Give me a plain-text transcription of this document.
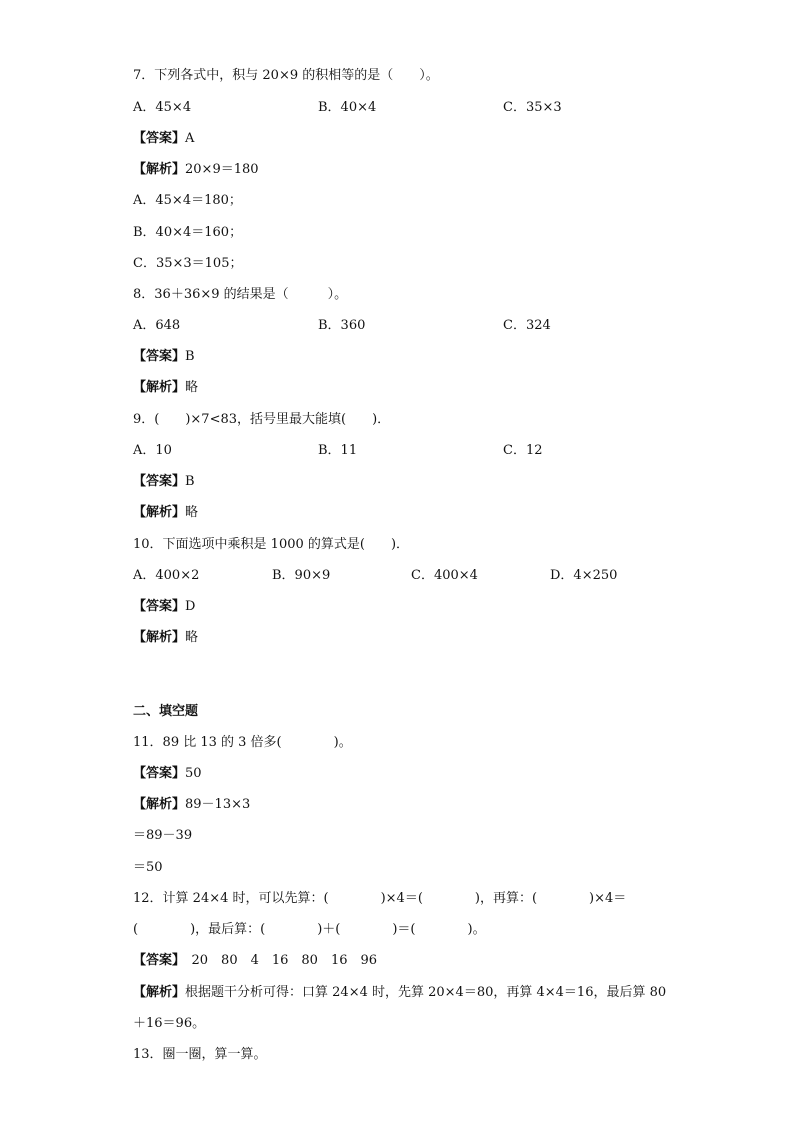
7．下列各式中，积与 20×9 的积相等的是（　　）。
A．45×4	B．40×4	C．35×3
【答案】A
【解析】20×9＝180
A．45×4＝180；
B．40×4＝160；
C．35×3＝105；
8．36＋36×9 的结果是（　　　）。
A．648	B．360	C．324
【答案】B
【解析】略
9．(　　)×7<83，括号里最大能填(　　)．
A．10	B．11	C．12
【答案】B
【解析】略
10．下面选项中乘积是 1000 的算式是(　　)．
A．400×2	B．90×9	C．400×4	D．4×250
【答案】D
【解析】略
二、填空题
11．89 比 13 的 3 倍多(　　　　)。
【答案】50
【解析】89－13×3
＝89－39
＝50
12．计算 24×4 时，可以先算：(　　　　)×4＝(　　　　)，再算：(　　　　)×4＝
(　　　　)，最后算：(　　　　)＋(　　　　)＝(　　　　)。
【答案】　20　80　4　16　80　16　96
【解析】根据题干分析可得：口算 24×4 时，先算 20×4＝80，再算 4×4＝16，最后算 80
＋16＝96。
13．圈一圈，算一算。
